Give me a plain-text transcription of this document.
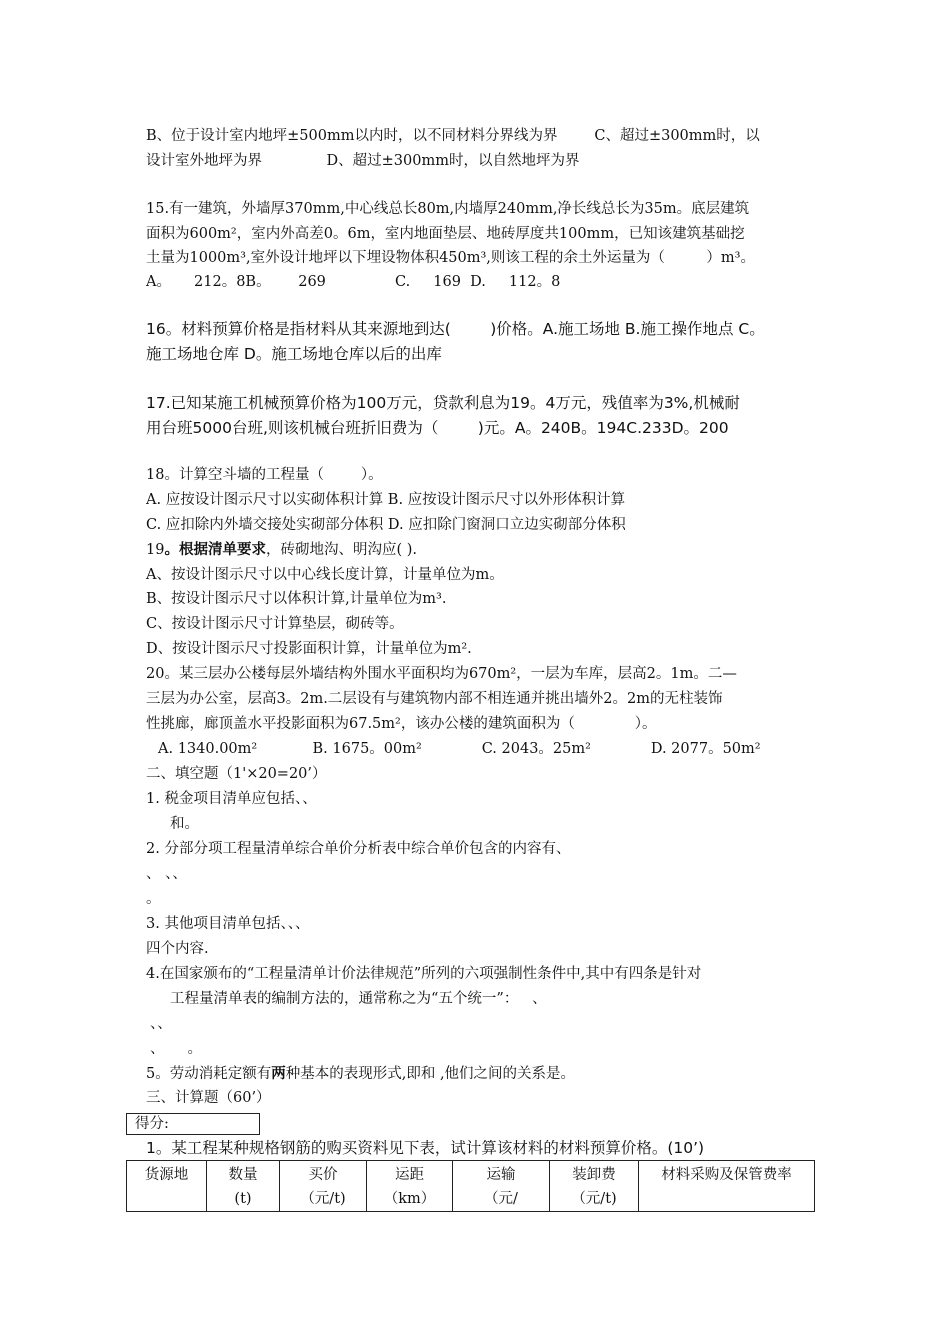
B、位于设计室内地坪±500mm以内时，以不同材料分界线为界        C、超过±300mm时，以
设计室外地坪为界              D、超过±300mm时，以自然地坪为界
15.有一建筑，外墙厚370mm,中心线总长80m,内墙厚240mm,净长线总长为35m。底层建筑
面积为600m²，室内外高差0。6m，室内地面垫层、地砖厚度共100mm，已知该建筑基础挖
土量为1000m³,室外设计地坪以下埋设物体积450m³,则该工程的余土外运量为（         ）m³。
A。     212。8B。      269               C.     169  D.     112。8
16。材料预算价格是指材料从其来源地到达(        )价格。A.施工场地 B.施工操作地点 C。
施工场地仓库 D。施工场地仓库以后的出库
17.已知某施工机械预算价格为100万元，贷款利息为19。4万元，残值率为3%,机械耐
用台班5000台班,则该机械台班折旧费为（        )元。A。240B。194C.233D。200
18。计算空斗墙的工程量（        ）。
A. 应按设计图示尺寸以实砌体积计算 B. 应按设计图示尺寸以外形体积计算
C. 应扣除内外墙交接处实砌部分体积 D. 应扣除门窗洞口立边实砌部分体积
19。根据清单要求，砖砌地沟、明沟应( ).
A、按设计图示尺寸以中心线长度计算，计量单位为m。
B、按设计图示尺寸以体积计算,计量单位为m³.
C、按设计图示尺寸计算垫层，砌砖等。
D、按设计图示尺寸投影面积计算，计量单位为m².
20。某三层办公楼每层外墙结构外围水平面积均为670m²，一层为车库，层高2。1m。二—
三层为办公室，层高3。2m.二层设有与建筑物内部不相连通并挑出墙外2。2m的无柱装饰
性挑廊，廊顶盖水平投影面积为67.5m²，该办公楼的建筑面积为（             ）。
A. 1340.00m²            B. 1675。00m²             C. 2043。25m²             D. 2077。50m²
二、填空题（1'×20=20’）
1. 税金项目清单应包括、、
和。
2. 分部分项工程量清单综合单价分析表中综合单价包含的内容有、
、 、、
。
3. 其他项目清单包括、、、
四个内容.
4.在国家颁布的“工程量清单计价法律规范”所列的六项强制性条件中,其中有四条是针对
工程量清单表的编制方法的，通常称之为“五个统一”：   、
、、
、     。
5。劳动消耗定额有两种基本的表现形式,即和 ,他们之间的关系是。
三、计算题（60’）
得分:
1。某工程某种规格钢筋的购买资料见下表，试计算该材料的材料预算价格。(10’)
货源地	数量
(t)
买价
（元/t)
运距
（km）
运输
（元/
装卸费
（元/t)
材料采购及保管费率
